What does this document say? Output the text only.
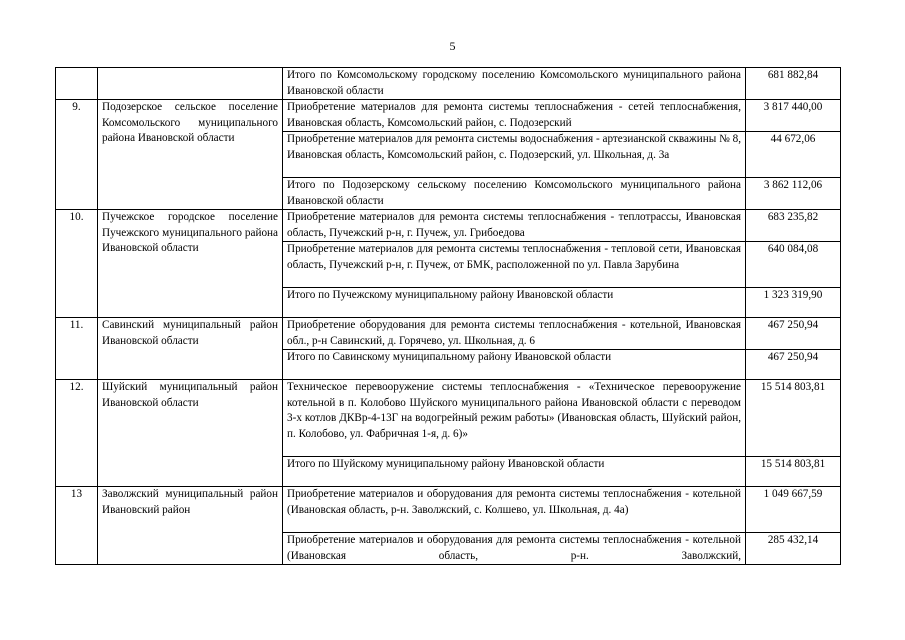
5
		Итого по Комсомольскому городскому поселению Комсомольского муниципального района Ивановской области	681 882,84
9.	Подозерское сельское поселение Комсомольского муниципального района Ивановской области	Приобретение материалов для ремонта системы теплоснабжения - сетей теплоснабжения, Ивановская область, Комсомольский район, с. Подозерский	3 817 440,00
		Приобретение материалов для ремонта системы водоснабжения - артезианской скважины № 8, Ивановская область, Комсомольский район, с. Подозерский, ул. Школьная, д. 3а	44 672,06
		Итого по Подозерскому сельскому поселению Комсомольского муниципального района Ивановской области	3 862 112,06
10.	Пучежское городское поселение Пучежского муниципального района Ивановской области	Приобретение материалов для ремонта системы теплоснабжения - теплотрассы, Ивановская область, Пучежский р-н, г. Пучеж, ул. Грибоедова	683 235,82
		Приобретение материалов для ремонта системы теплоснабжения - тепловой сети, Ивановская область, Пучежский р-н, г. Пучеж, от БМК, расположенной по ул. Павла Зарубина	640 084,08
		Итого по Пучежскому муниципальному району Ивановской области	1 323 319,90
11.	Савинский муниципальный район Ивановской области	Приобретение оборудования для ремонта системы теплоснабжения - котельной, Ивановская обл., р-н Савинский, д. Горячево, ул. Школьная, д. 6	467 250,94
		Итого по Савинскому муниципальному району Ивановской области	467 250,94
12.	Шуйский муниципальный район Ивановской области	Техническое перевооружение системы теплоснабжения - «Техническое перевооружение котельной в п. Колобово Шуйского муниципального района Ивановской области с переводом 3-х котлов ДКВр-4-13Г на водогрейный режим работы» (Ивановская область, Шуйский район, п. Колобово, ул. Фабричная 1-я, д. 6)»	15 514 803,81
		Итого по Шуйскому муниципальному району Ивановской области	15 514 803,81
13	Заволжский муниципальный район Ивановский район	Приобретение материалов и оборудования для ремонта системы теплоснабжения - котельной (Ивановская область, р-н. Заволжский, с. Колшево, ул. Школьная, д. 4а)	1 049 667,59
		Приобретение материалов и оборудования для ремонта системы теплоснабжения - котельной (Ивановская область, р-н. Заволжский,	285 432,14
